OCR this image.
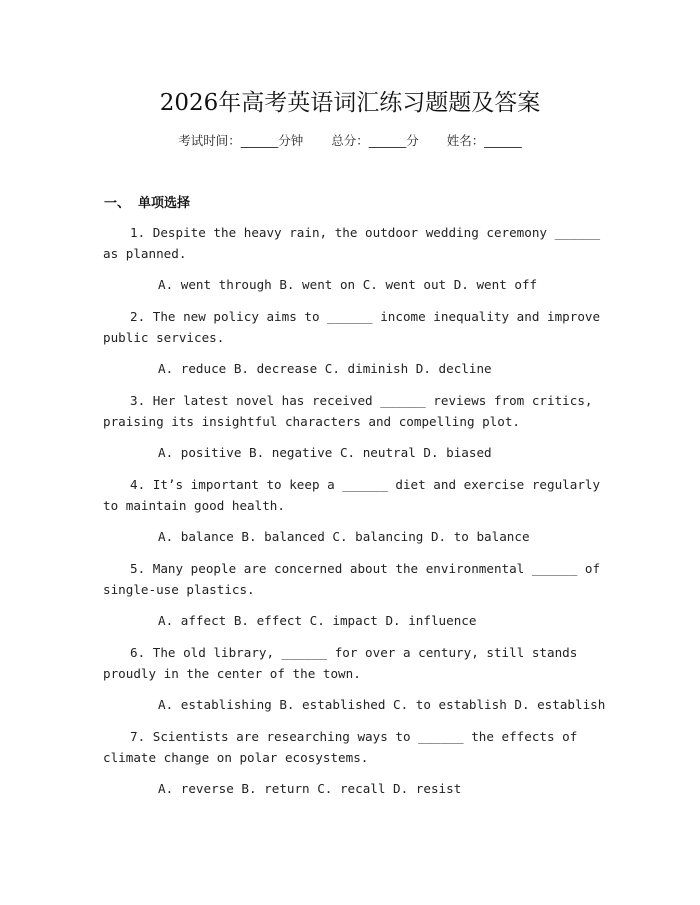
2026年高考英语词汇练习题题及答案
考试时间：______分钟 总分：______分 姓名：______
一、 单项选择
1. Despite the heavy rain, the outdoor wedding ceremony ______ as planned.
A. went through B. went on C. went out D. went off
2. The new policy aims to ______ income inequality and improve public services.
A. reduce B. decrease C. diminish D. decline
3. Her latest novel has received ______ reviews from critics, praising its insightful characters and compelling plot.
A. positive B. negative C. neutral D. biased
4. It’s important to keep a ______ diet and exercise regularly to maintain good health.
A. balance B. balanced C. balancing D. to balance
5. Many people are concerned about the environmental ______ of single-use plastics.
A. affect B. effect C. impact D. influence
6. The old library, ______ for over a century, still stands proudly in the center of the town.
A. establishing B. established C. to establish D. establish
7. Scientists are researching ways to ______ the effects of climate change on polar ecosystems.
A. reverse B. return C. recall D. resist
